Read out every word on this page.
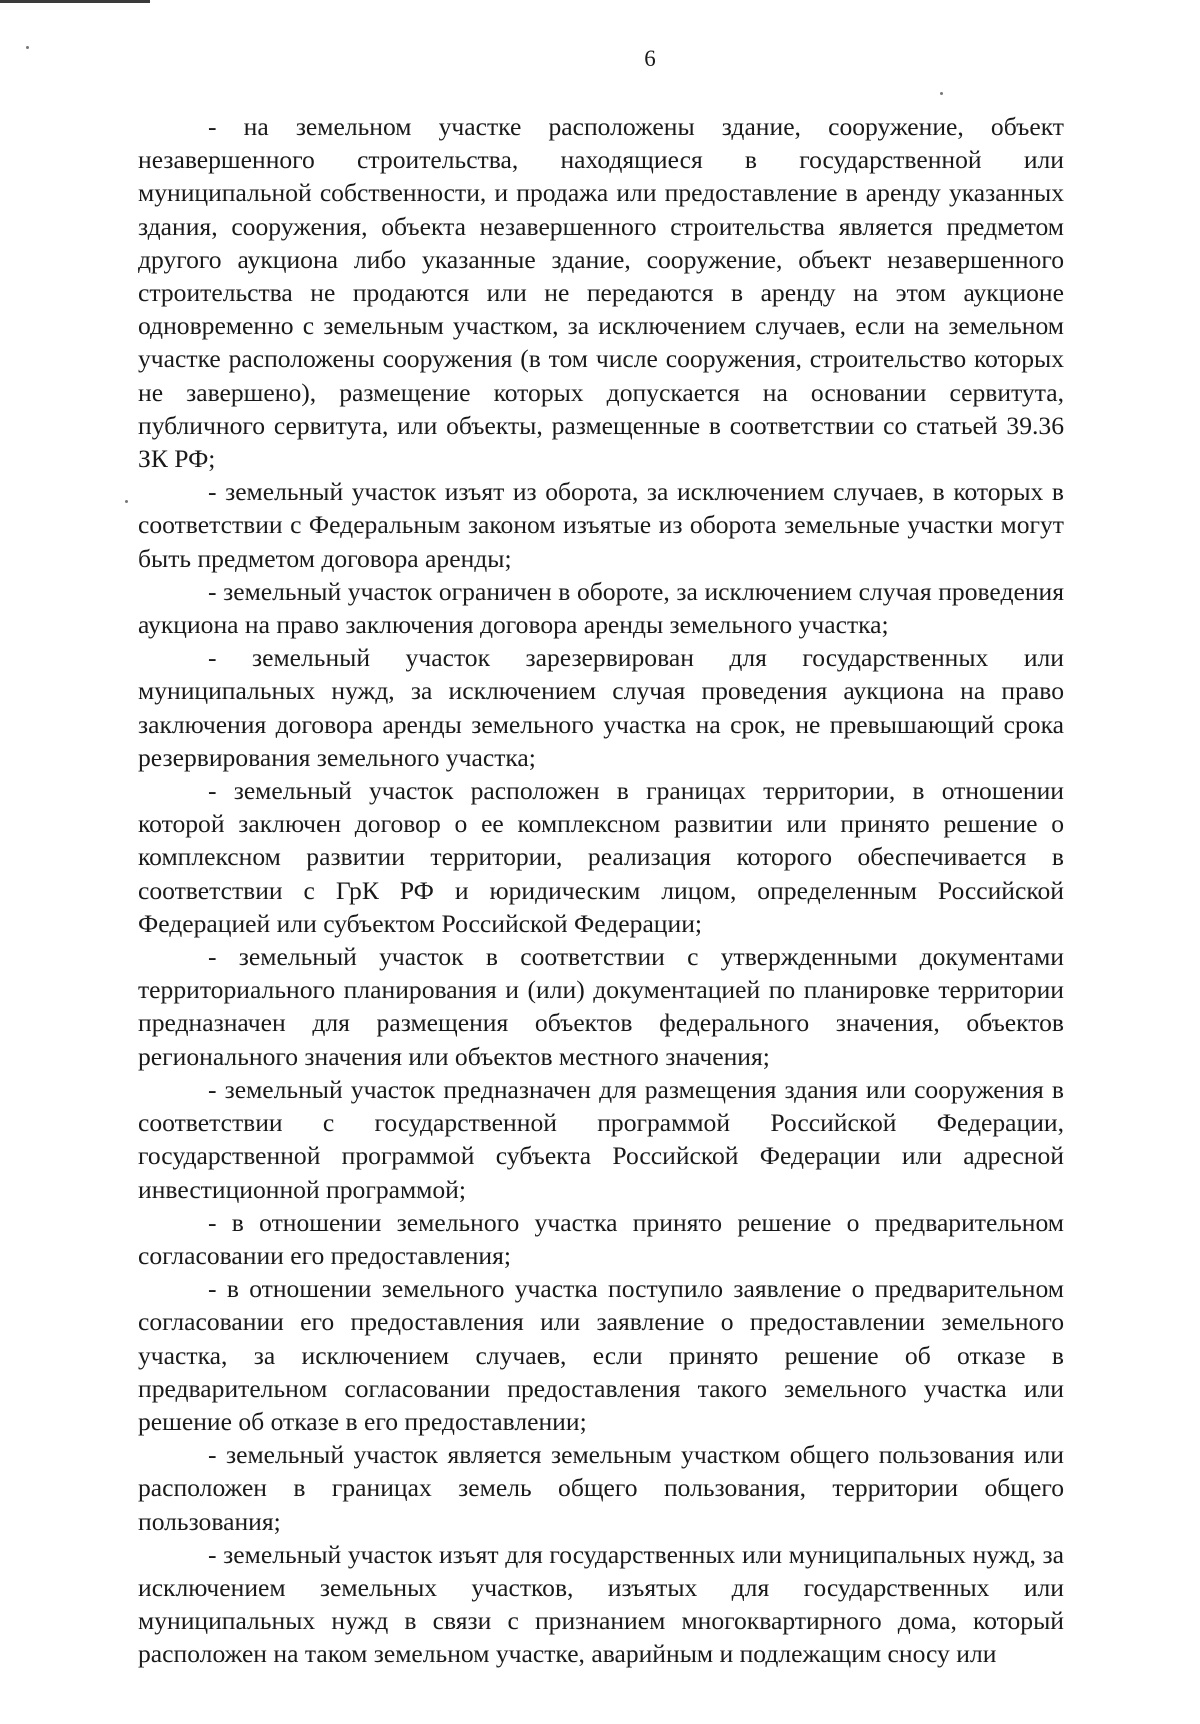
6

- на земельном участке расположены здание, сооружение, объект незавершенного строительства, находящиеся в государственной или муниципальной собственности, и продажа или предоставление в аренду указанных здания, сооружения, объекта незавершенного строительства является предметом другого аукциона либо указанные здание, сооружение, объект незавершенного строительства не продаются или не передаются в аренду на этом аукционе одновременно с земельным участком, за исключением случаев, если на земельном участке расположены сооружения (в том числе сооружения, строительство которых не завершено), размещение которых допускается на основании сервитута, публичного сервитута, или объекты, размещенные в соответствии со статьей 39.36 ЗК РФ;

- земельный участок изъят из оборота, за исключением случаев, в которых в соответствии с Федеральным законом изъятые из оборота земельные участки могут быть предметом договора аренды;

- земельный участок ограничен в обороте, за исключением случая проведения аукциона на право заключения договора аренды земельного участка;

- земельный участок зарезервирован для государственных или муниципальных нужд, за исключением случая проведения аукциона на право заключения договора аренды земельного участка на срок, не превышающий срока резервирования земельного участка;

- земельный участок расположен в границах территории, в отношении которой заключен договор о ее комплексном развитии или принято решение о комплексном развитии территории, реализация которого обеспечивается в соответствии с ГрК РФ и юридическим лицом, определенным Российской Федерацией или субъектом Российской Федерации;

- земельный участок в соответствии с утвержденными документами территориального планирования и (или) документацией по планировке территории предназначен для размещения объектов федерального значения, объектов регионального значения или объектов местного значения;

- земельный участок предназначен для размещения здания или сооружения в соответствии с государственной программой Российской Федерации, государственной программой субъекта Российской Федерации или адресной инвестиционной программой;

- в отношении земельного участка принято решение о предварительном согласовании его предоставления;

- в отношении земельного участка поступило заявление о предварительном согласовании его предоставления или заявление о предоставлении земельного участка, за исключением случаев, если принято решение об отказе в предварительном согласовании предоставления такого земельного участка или решение об отказе в его предоставлении;

- земельный участок является земельным участком общего пользования или расположен в границах земель общего пользования, территории общего пользования;

- земельный участок изъят для государственных или муниципальных нужд, за исключением земельных участков, изъятых для государственных или муниципальных нужд в связи с признанием многоквартирного дома, который расположен на таком земельном участке, аварийным и подлежащим сносу или
